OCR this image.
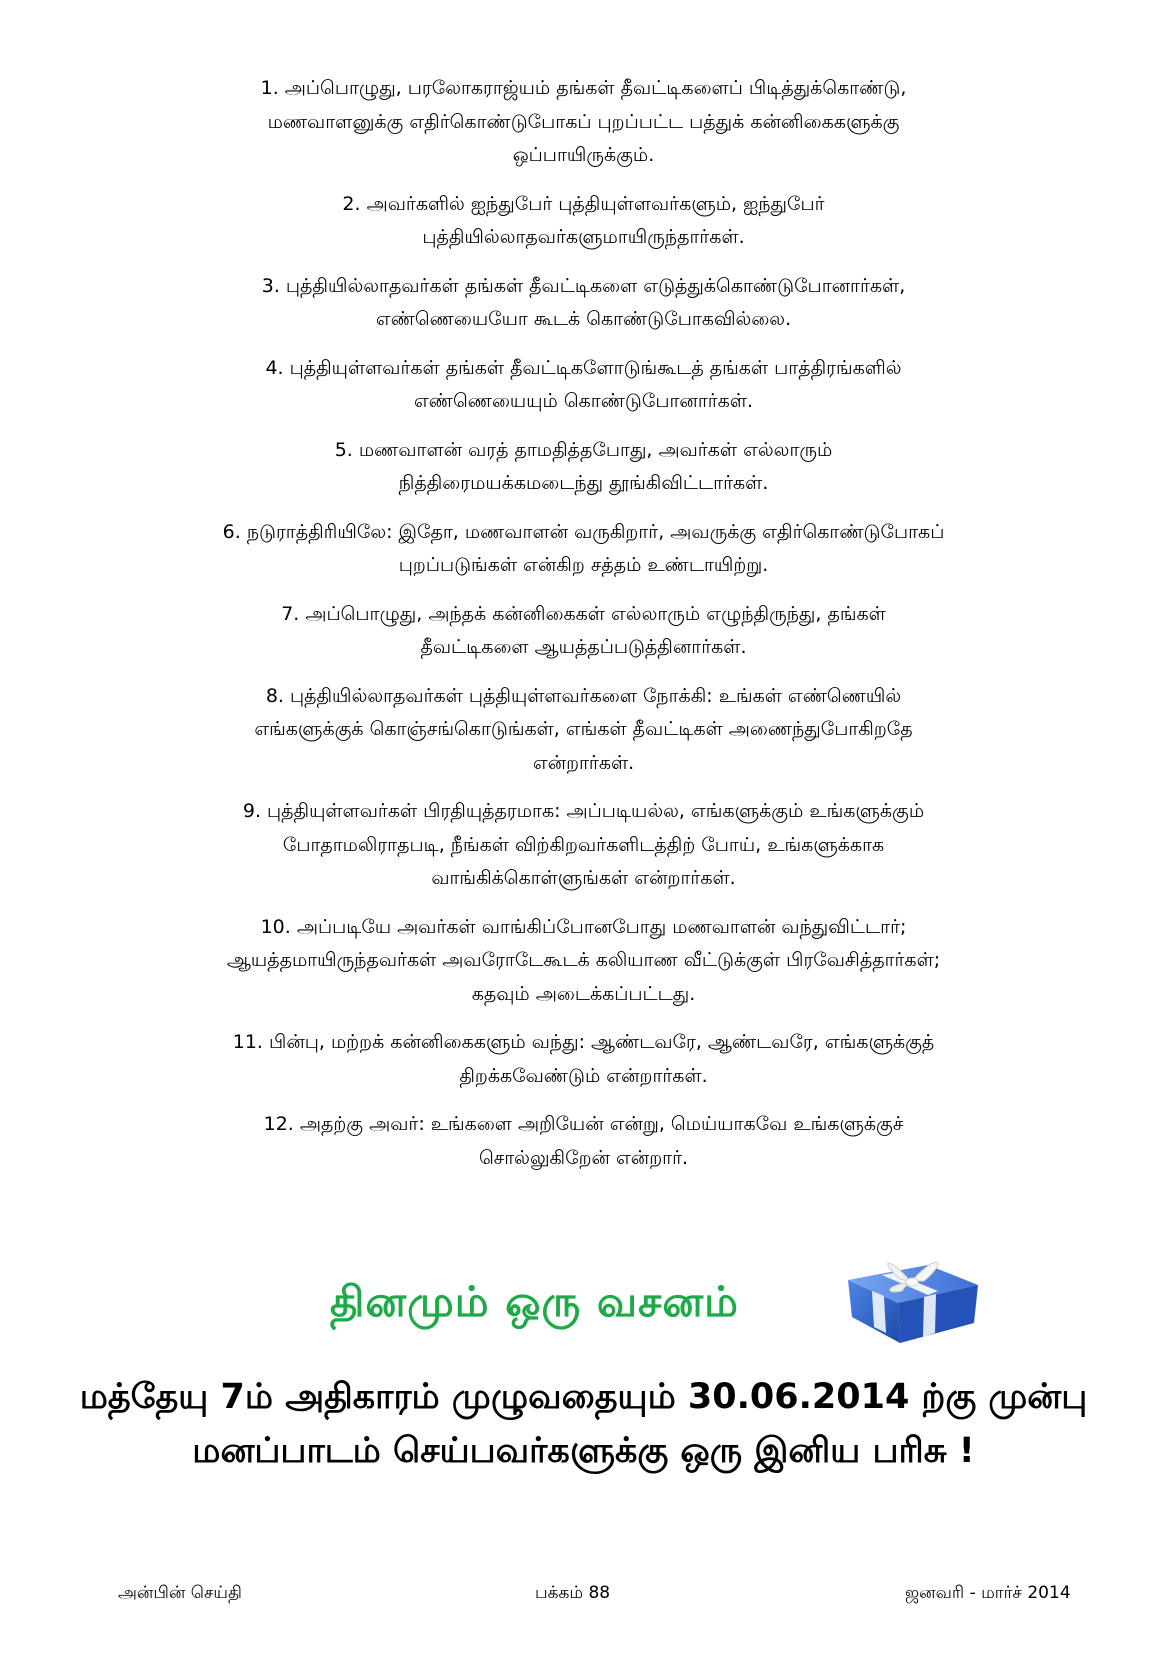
1. அப்பொழுது, பரலோகராஜ்யம் தங்கள் தீவட்டிகளைப் பிடித்துக்கொண்டு,
மணவாளனுக்கு எதிர்கொண்டுபோகப் புறப்பட்ட பத்துக் கன்னிகைகளுக்கு
ஒப்பாயிருக்கும்.
2. அவர்களில் ஐந்துபேர் புத்தியுள்ளவர்களும், ஐந்துபேர்
புத்தியில்லாதவர்களுமாயிருந்தார்கள்.
3. புத்தியில்லாதவர்கள் தங்கள் தீவட்டிகளை எடுத்துக்கொண்டுபோனார்கள்,
எண்ணெயையோ கூடக் கொண்டுபோகவில்லை.
4. புத்தியுள்ளவர்கள் தங்கள் தீவட்டிகளோடுங்கூடத் தங்கள் பாத்திரங்களில்
எண்ணெயையும் கொண்டுபோனார்கள்.
5. மணவாளன் வரத் தாமதித்தபோது, அவர்கள் எல்லாரும்
நித்திரைமயக்கமடைந்து தூங்கிவிட்டார்கள்.
6. நடுராத்திரியிலே: இதோ, மணவாளன் வருகிறார், அவருக்கு எதிர்கொண்டுபோகப்
புறப்படுங்கள் என்கிற சத்தம் உண்டாயிற்று.
7. அப்பொழுது, அந்தக் கன்னிகைகள் எல்லாரும் எழுந்திருந்து, தங்கள்
தீவட்டிகளை ஆயத்தப்படுத்தினார்கள்.
8. புத்தியில்லாதவர்கள் புத்தியுள்ளவர்களை நோக்கி: உங்கள் எண்ணெயில்
எங்களுக்குக் கொஞ்சங்கொடுங்கள், எங்கள் தீவட்டிகள் அணைந்துபோகிறதே
என்றார்கள்.
9. புத்தியுள்ளவர்கள் பிரதியுத்தரமாக: அப்படியல்ல, எங்களுக்கும் உங்களுக்கும்
போதாமலிராதபடி, நீங்கள் விற்கிறவர்களிடத்திற் போய், உங்களுக்காக
வாங்கிக்கொள்ளுங்கள் என்றார்கள்.
10. அப்படியே அவர்கள் வாங்கிப்போனபோது மணவாளன் வந்துவிட்டார்;
ஆயத்தமாயிருந்தவர்கள் அவரோடேகூடக் கலியாண வீட்டுக்குள் பிரவேசித்தார்கள்;
கதவும் அடைக்கப்பட்டது.
11. பின்பு, மற்றக் கன்னிகைகளும் வந்து: ஆண்டவரே, ஆண்டவரே, எங்களுக்குத்
திறக்கவேண்டும் என்றார்கள்.
12. அதற்கு அவர்: உங்களை அறியேன் என்று, மெய்யாகவே உங்களுக்குச்
சொல்லுகிறேன் என்றார்.
தினமும் ஒரு வசனம்
மத்தேயு 7ம் அதிகாரம் முழுவதையும் 30.06.2014 ற்கு முன்பு
மனப்பாடம் செய்பவர்களுக்கு ஒரு இனிய பரிசு !
அன்பின் செய்தி	பக்கம் 88	ஜனவரி - மார்ச் 2014
